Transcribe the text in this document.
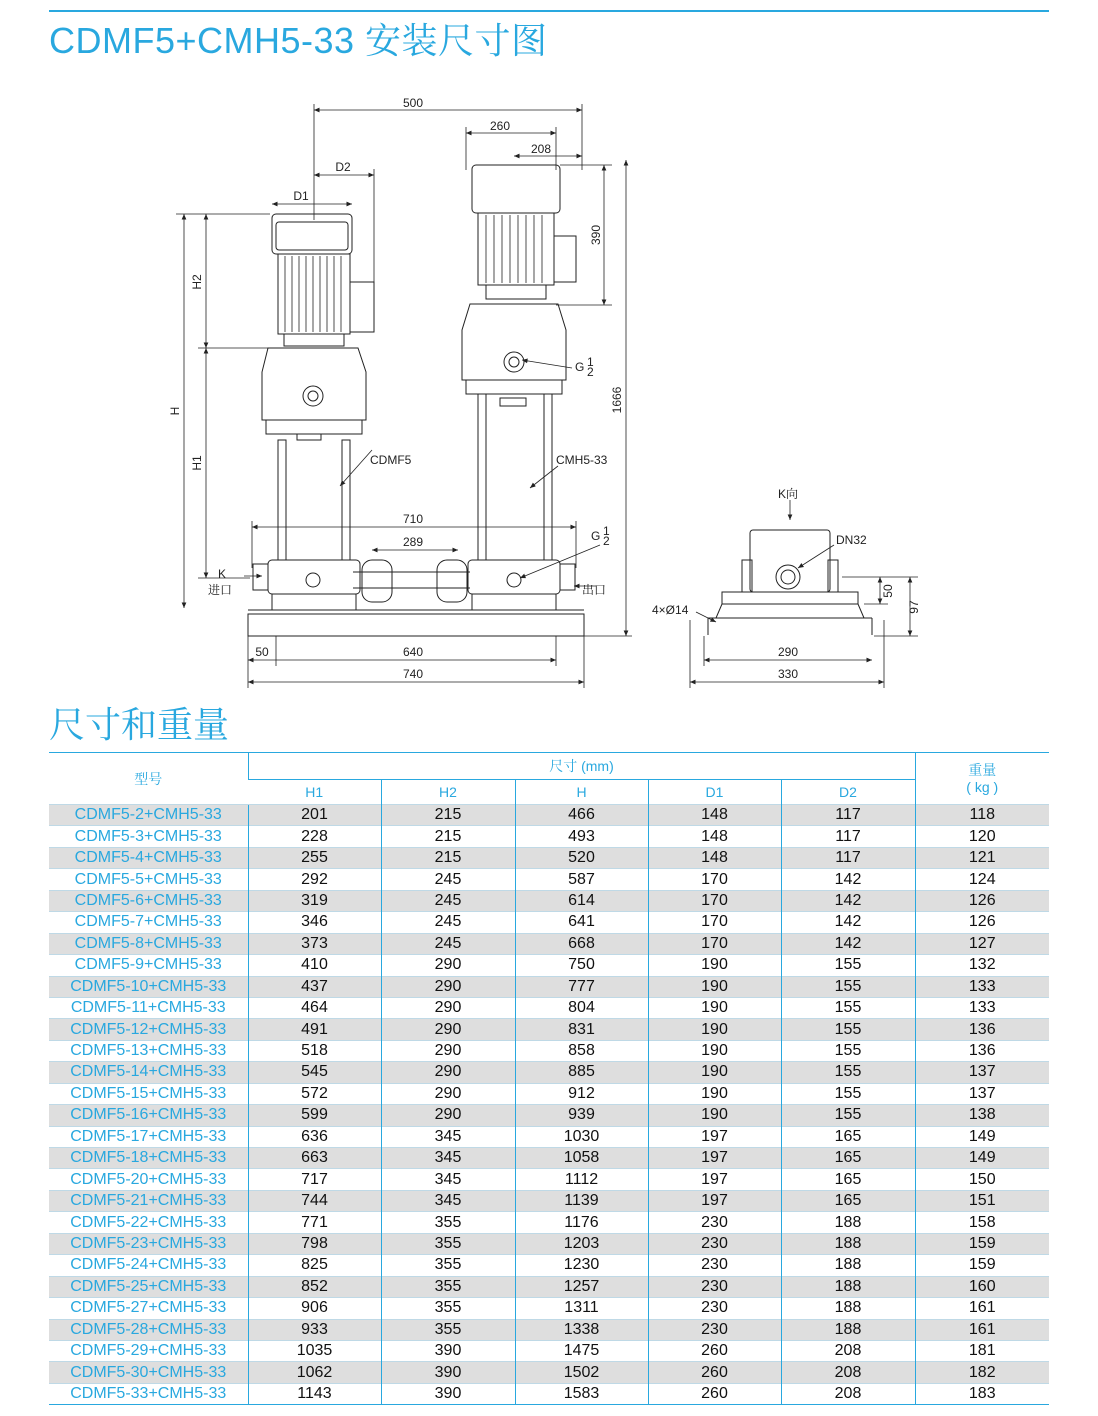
CDMF5+CMH5-33 安装尺寸图
500
260
208
D2
D1
390
1666
H2
H
H1
K
进口
CDMF5	CMH5-33
G 1
2
G 1
2
710
289
出口
50	640
740
K向
DN32
4×Ø14
50
97
290
330
尺寸和重量
型号	尺寸 (mm)					重量
( kg )

	H1	H2	H	D1	D2	
CDMF5-2+CMH5-33	201	215	466	148	117	118
CDMF5-3+CMH5-33	228	215	493	148	117	120
CDMF5-4+CMH5-33	255	215	520	148	117	121
CDMF5-5+CMH5-33	292	245	587	170	142	124
CDMF5-6+CMH5-33	319	245	614	170	142	126
CDMF5-7+CMH5-33	346	245	641	170	142	126
CDMF5-8+CMH5-33	373	245	668	170	142	127
CDMF5-9+CMH5-33	410	290	750	190	155	132
CDMF5-10+CMH5-33	437	290	777	190	155	133
CDMF5-11+CMH5-33	464	290	804	190	155	133
CDMF5-12+CMH5-33	491	290	831	190	155	136
CDMF5-13+CMH5-33	518	290	858	190	155	136
CDMF5-14+CMH5-33	545	290	885	190	155	137
CDMF5-15+CMH5-33	572	290	912	190	155	137
CDMF5-16+CMH5-33	599	290	939	190	155	138
CDMF5-17+CMH5-33	636	345	1030	197	165	149
CDMF5-18+CMH5-33	663	345	1058	197	165	149
CDMF5-20+CMH5-33	717	345	1112	197	165	150
CDMF5-21+CMH5-33	744	345	1139	197	165	151
CDMF5-22+CMH5-33	771	355	1176	230	188	158
CDMF5-23+CMH5-33	798	355	1203	230	188	159
CDMF5-24+CMH5-33	825	355	1230	230	188	159
CDMF5-25+CMH5-33	852	355	1257	230	188	160
CDMF5-27+CMH5-33	906	355	1311	230	188	161
CDMF5-28+CMH5-33	933	355	1338	230	188	161
CDMF5-29+CMH5-33	1035	390	1475	260	208	181
CDMF5-30+CMH5-33	1062	390	1502	260	208	182
CDMF5-33+CMH5-33	1143	390	1583	260	208	183
